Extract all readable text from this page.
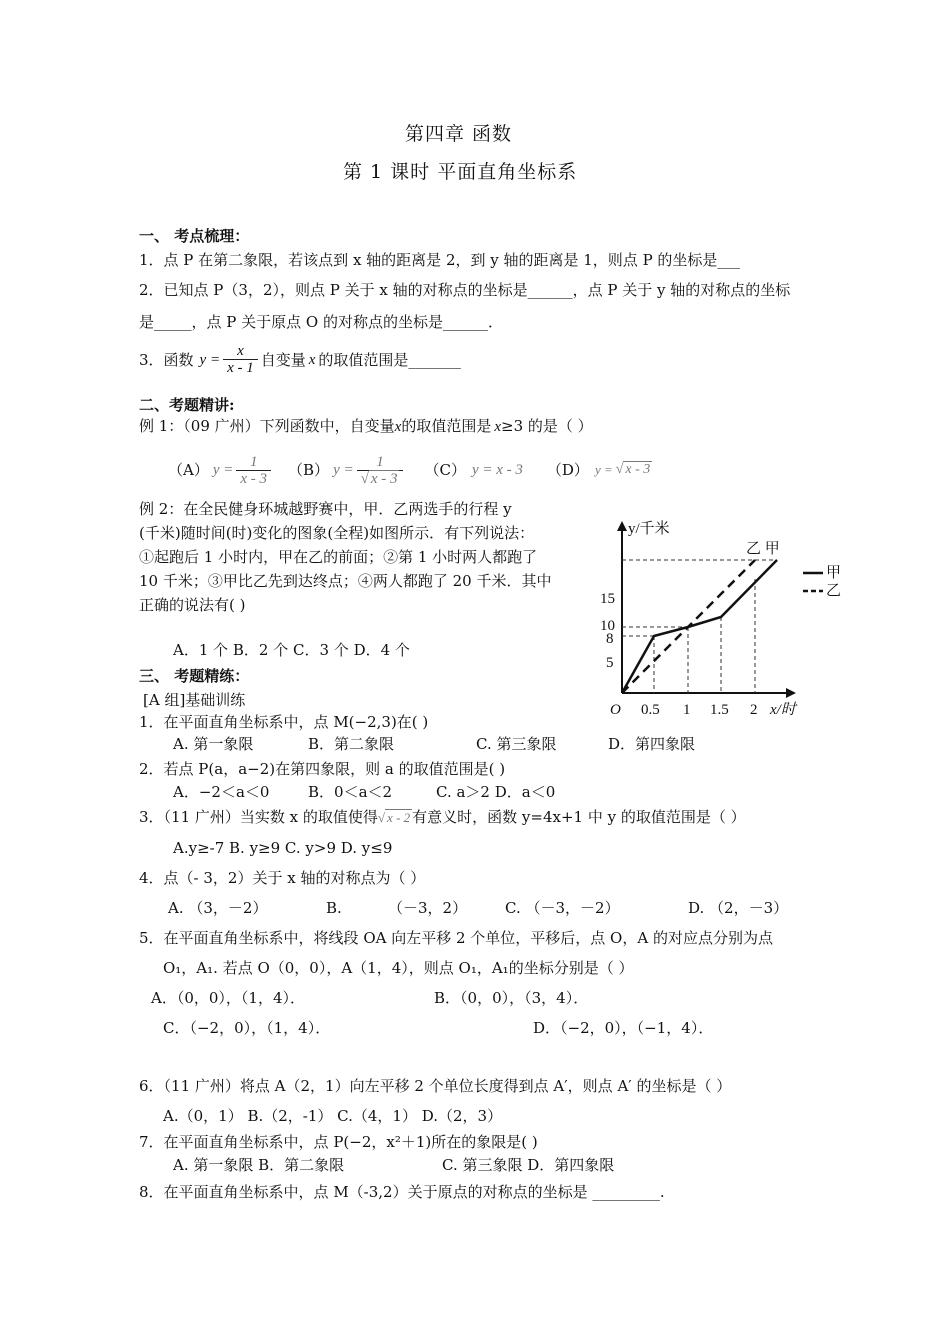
第四章 函数
第 1 课时 平面直角坐标系
一、 考点梳理：
1．点 P 在第二象限，若该点到 x 轴的距离是 2，到 y 轴的距离是 1，则点 P 的坐标是___
2．已知点 P（3，2），则点 P 关于 x 轴的对称点的坐标是______，点 P 关于 y 轴的对称点的坐标
是_____，点 P 关于原点 O 的对称点的坐标是______．
3．函数 $y = \frac{x}{x - 1}$ 自变量 x 的取值范围是_______
二、考题精讲:
例 1：（09 广州）下列函数中，自变量x的取值范围是 x≥3 的是（ ）
（A） $y = \frac{1}{x - 3} (B) y = \frac{1}{√ x - 3} (C) y = x - 3$ （D） y = √ x - 3
例 2：在全民健身环城越野赛中，甲．乙两选手的行程 y
(千米)随时间(时)变化的图象(全程)如图所示．有下列说法：
①起跑后 1 小时内，甲在乙的前面；②第 1 小时两人都跑了
10 千米；③甲比乙先到达终点；④两人都跑了 20 千米．其中
正确的说法有( )
A．1 个 B．2 个 C．3 个 D．4 个
y/千米
乙 甲
15
10
8
5
O 0.5 1 1.5 2 x/时
甲
乙
三、 考题精练：
[A 组]基础训练
1．在平面直角坐标系中，点 M(−2,3)在( )
A. 第一象限	B．第二象限	C. 第三象限	D．第四象限
2．若点 P(a，a−2)在第四象限，则 a 的取值范围是( )
A．−2＜a＜0	B．0＜a＜2	C. a＞2 D．a＜0
3．（11 广州）当实数 x 的取值使得√ x - 2 有意义时，函数 y=4x+1 中 y 的取值范围是（ ）
A.y≥-7 B. y≥9 C. y>9 D. y≤9
4．点（- 3，2）关于 x 轴的对称点为（ ）
A. （3，－2）	B.	（－3，2）	C. （－3，－2）	D. （2，－3）
5．在平面直角坐标系中，将线段 OA 向左平移 2 个单位，平移后，点 O，A 的对应点分别为点
O₁，A₁. 若点 O（0，0），A（1，4），则点 O₁，A₁的坐标分别是（ ）
A．（0，0），（1，4）．	B．（0，0），（3，4）．
C．（−2，0），（1，4）．	D．（−2，0），（−1，4）．
6．（11 广州）将点 A（2，1）向左平移 2 个单位长度得到点 A′，则点 A′ 的坐标是（ ）
A.（0，1） B.（2，-1） C.（4，1） D.（2，3）
7．在平面直角坐标系中，点 P(−2，x²＋1)所在的象限是( )
A. 第一象限 B．第二象限	C. 第三象限 D．第四象限
8．在平面直角坐标系中，点 M（-3,2）关于原点的对称点的坐标是 _________.
